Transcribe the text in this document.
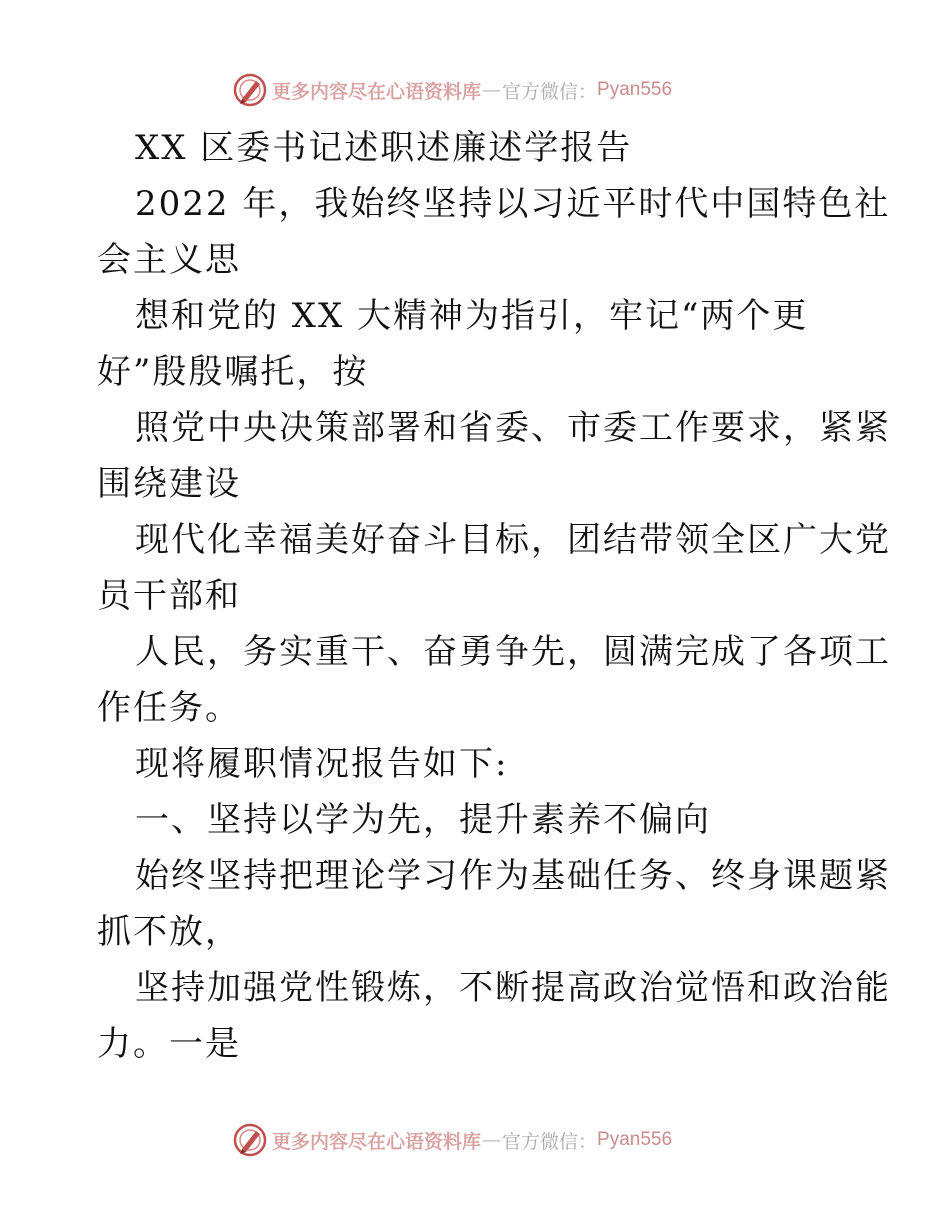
更多内容尽在心语资料库 — 官方微信： Pyan556

XX 区委书记述职述廉述学报告

2022 年，我始终坚持以习近平时代中国特色社

会主义思

想和党的 XX 大精神为指引，牢记“两个更

好”殷殷嘱托，按

照党中央决策部署和省委、市委工作要求，紧紧

围绕建设

现代化幸福美好奋斗目标，团结带领全区广大党

员干部和

人民，务实重干、奋勇争先，圆满完成了各项工

作任务。

现将履职情况报告如下:

一、坚持以学为先，提升素养不偏向

始终坚持把理论学习作为基础任务、终身课题紧

抓不放，

坚持加强党性锻炼，不断提高政治觉悟和政治能

力。一是

更多内容尽在心语资料库 — 官方微信： Pyan556
